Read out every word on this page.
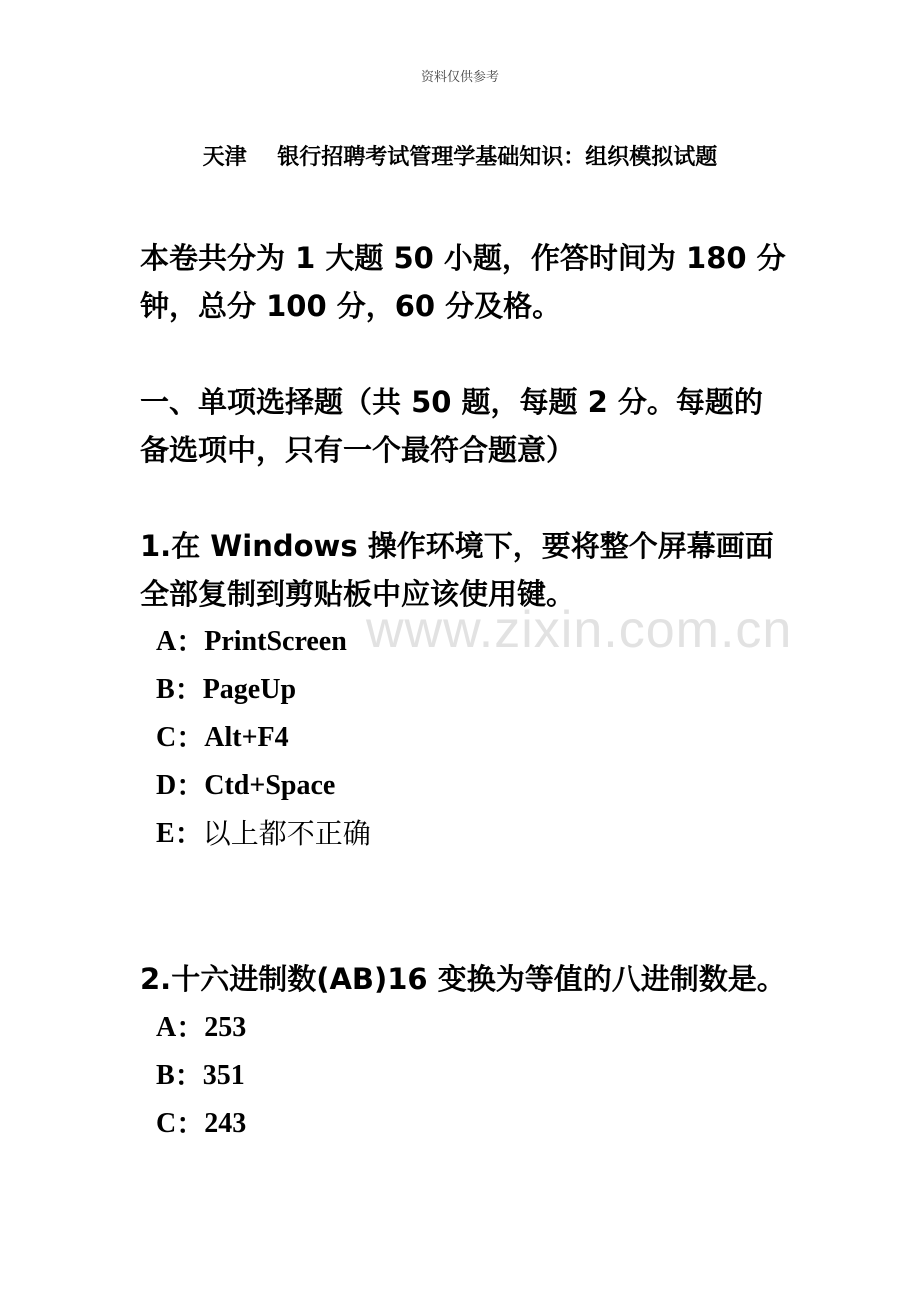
资料仅供参考
天津    银行招聘考试管理学基础知识：组织模拟试题
本卷共分为 1 大题 50 小题，作答时间为 180 分钟，总分 100 分，60 分及格。
一、单项选择题（共 50 题，每题 2 分。每题的备选项中，只有一个最符合题意）
1.在 Windows 操作环境下，要将整个屏幕画面全部复制到剪贴板中应该使用键。
A ： PrintScreen
B ： PageUp
C ： Alt+F4
D ： Ctd+Space
E ： 以上都不正确
2.十六进制数(AB)16 变换为等值的八进制数是。
A ： 253
B ： 351
C ： 243
www.zixin.com.cn
